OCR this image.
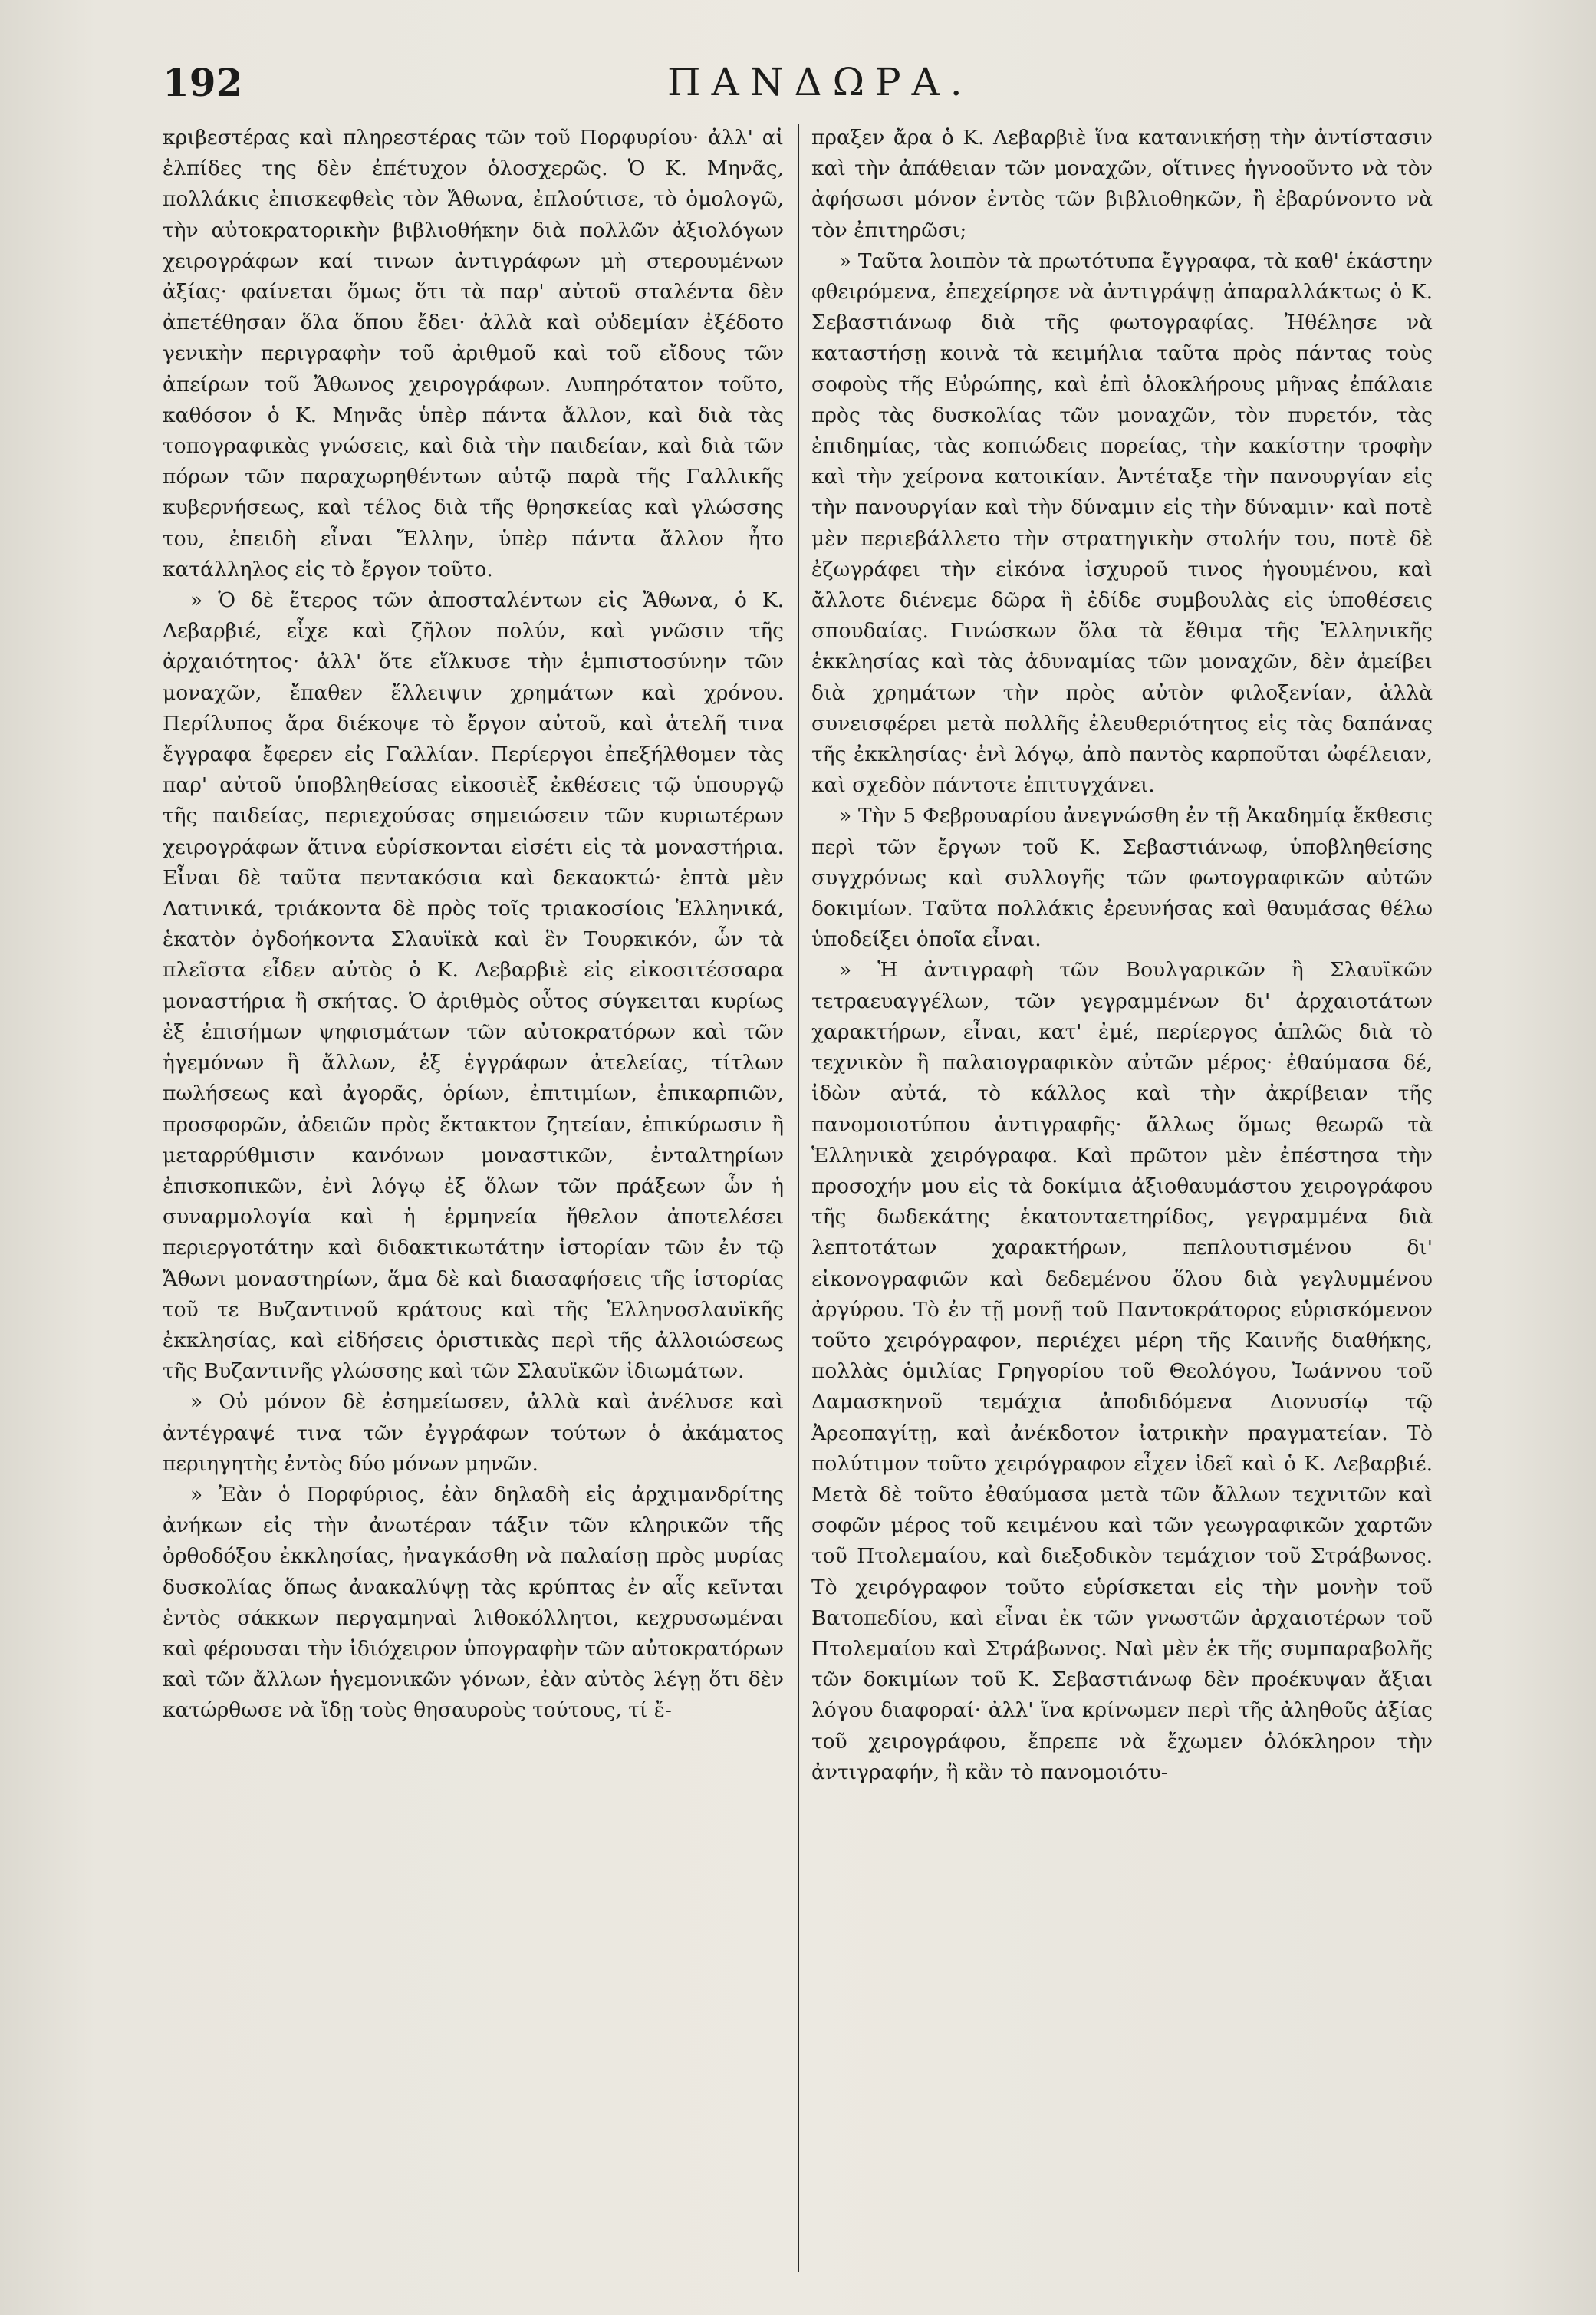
192	ΠΑΝΔΩΡΑ.

κριβεστέρας καὶ πληρεστέρας τῶν τοῦ Πορφυρίου· ἀλλ' αἱ ἐλπίδες της δὲν ἐπέτυχον ὁλοσχερῶς. Ὁ Κ. Μηνᾶς, πολλάκις ἐπισκεφθεὶς τὸν Ἄθωνα, ἐπλούτισε, τὸ ὁμολογῶ, τὴν αὐτοκρατορικὴν βιβλιοθήκην διὰ πολλῶν ἀξιολόγων χειρογράφων καί τινων ἀντιγράφων μὴ στερουμένων ἀξίας· φαίνεται ὅμως ὅτι τὰ παρ' αὐτοῦ σταλέντα δὲν ἀπετέθησαν ὅλα ὅπου ἔδει· ἀλλὰ καὶ οὐδεμίαν ἐξέδοτο γενικὴν περιγραφὴν τοῦ ἀριθμοῦ καὶ τοῦ εἴδους τῶν ἀπείρων τοῦ Ἄθωνος χειρογράφων. Λυπηρότατον τοῦτο, καθόσον ὁ Κ. Μηνᾶς ὑπὲρ πάντα ἄλλον, καὶ διὰ τὰς τοπογραφικὰς γνώσεις, καὶ διὰ τὴν παιδείαν, καὶ διὰ τῶν πόρων τῶν παραχωρηθέντων αὐτῷ παρὰ τῆς Γαλλικῆς κυβερνήσεως, καὶ τέλος διὰ τῆς θρησκείας καὶ γλώσσης του, ἐπειδὴ εἶναι Ἕλλην, ὑπὲρ πάντα ἄλλον ἦτο κατάλληλος εἰς τὸ ἔργον τοῦτο.

» Ὁ δὲ ἕτερος τῶν ἀποσταλέντων εἰς Ἄθωνα, ὁ Κ. Λεβαρβιέ, εἶχε καὶ ζῆλον πολύν, καὶ γνῶσιν τῆς ἀρχαιότητος· ἀλλ' ὅτε εἵλκυσε τὴν ἐμπιστοσύνην τῶν μοναχῶν, ἔπαθεν ἔλλειψιν χρημάτων καὶ χρόνου. Περίλυπος ἄρα διέκοψε τὸ ἔργον αὐτοῦ, καὶ ἀτελῆ τινα ἔγγραφα ἔφερεν εἰς Γαλλίαν. Περίεργοι ἐπεξήλθομεν τὰς παρ' αὐτοῦ ὑποβληθείσας εἰκοσιὲξ ἐκθέσεις τῷ ὑπουργῷ τῆς παιδείας, περιεχούσας σημειώσειν τῶν κυριωτέρων χειρογράφων ἅτινα εὑρίσκονται εἰσέτι εἰς τὰ μοναστήρια. Εἶναι δὲ ταῦτα πεντακόσια καὶ δεκαοκτώ· ἑπτὰ μὲν Λατινικά, τριάκοντα δὲ πρὸς τοῖς τριακοσίοις Ἑλληνικά, ἑκατὸν ὀγδοήκοντα Σλαυϊκὰ καὶ ἓν Τουρκικόν, ὧν τὰ πλεῖστα εἶδεν αὐτὸς ὁ Κ. Λεβαρβιὲ εἰς εἰκοσιτέσσαρα μοναστήρια ἢ σκήτας. Ὁ ἀριθμὸς οὗτος σύγκειται κυρίως ἐξ ἐπισήμων ψηφισμάτων τῶν αὐτοκρατόρων καὶ τῶν ἡγεμόνων ἢ ἄλλων, ἐξ ἐγγράφων ἀτελείας, τίτλων πωλήσεως καὶ ἀγορᾶς, ὁρίων, ἐπιτιμίων, ἐπικαρπιῶν, προσφορῶν, ἀδειῶν πρὸς ἔκτακτον ζητείαν, ἐπικύρωσιν ἢ μεταρρύθμισιν κανόνων μοναστικῶν, ἐνταλτηρίων ἐπισκοπικῶν, ἐνὶ λόγῳ ἐξ ὅλων τῶν πράξεων ὧν ἡ συναρμολογία καὶ ἡ ἑρμηνεία ἤθελον ἀποτελέσει περιεργοτάτην καὶ διδακτικωτάτην ἱστορίαν τῶν ἐν τῷ Ἄθωνι μοναστηρίων, ἅμα δὲ καὶ διασαφήσεις τῆς ἱστορίας τοῦ τε Βυζαντινοῦ κράτους καὶ τῆς Ἑλληνοσλαυϊκῆς ἐκκλησίας, καὶ εἰδήσεις ὁριστικὰς περὶ τῆς ἀλλοιώσεως τῆς Βυζαντινῆς γλώσσης καὶ τῶν Σλαυϊκῶν ἰδιωμάτων.

» Οὐ μόνον δὲ ἐσημείωσεν, ἀλλὰ καὶ ἀνέλυσε καὶ ἀντέγραψέ τινα τῶν ἐγγράφων τούτων ὁ ἀκάματος περιηγητὴς ἐντὸς δύο μόνων μηνῶν.

» Ἐὰν ὁ Πορφύριος, ἐὰν δηλαδὴ εἰς ἀρχιμανδρίτης ἀνήκων εἰς τὴν ἀνωτέραν τάξιν τῶν κληρικῶν τῆς ὀρθοδόξου ἐκκλησίας, ἠναγκάσθη νὰ παλαίσῃ πρὸς μυρίας δυσκολίας ὅπως ἀνακαλύψῃ τὰς κρύπτας ἐν αἷς κεῖνται ἐντὸς σάκκων περγαμηναὶ λιθοκόλλητοι, κεχρυσωμέναι καὶ φέρουσαι τὴν ἰδιόχειρον ὑπογραφὴν τῶν αὐτοκρατόρων καὶ τῶν ἄλλων ἡγεμονικῶν γόνων, ἐὰν αὐτὸς λέγῃ ὅτι δὲν κατώρθωσε νὰ ἴδῃ τοὺς θησαυροὺς τούτους, τί ἔ-

πραξεν ἄρα ὁ Κ. Λεβαρβιὲ ἵνα κατανικήσῃ τὴν ἀντίστασιν καὶ τὴν ἀπάθειαν τῶν μοναχῶν, οἵτινες ἠγνοοῦντο νὰ τὸν ἀφήσωσι μόνον ἐντὸς τῶν βιβλιοθηκῶν, ἢ ἐβαρύνοντο νὰ τὸν ἐπιτηρῶσι;

» Ταῦτα λοιπὸν τὰ πρωτότυπα ἔγγραφα, τὰ καθ' ἑκάστην φθειρόμενα, ἐπεχείρησε νὰ ἀντιγράψῃ ἀπαραλλάκτως ὁ Κ. Σεβαστιάνωφ διὰ τῆς φωτογραφίας. Ἠθέλησε νὰ καταστήσῃ κοινὰ τὰ κειμήλια ταῦτα πρὸς πάντας τοὺς σοφοὺς τῆς Εὐρώπης, καὶ ἐπὶ ὁλοκλήρους μῆνας ἐπάλαιε πρὸς τὰς δυσκολίας τῶν μοναχῶν, τὸν πυρετόν, τὰς ἐπιδημίας, τὰς κοπιώδεις πορείας, τὴν κακίστην τροφὴν καὶ τὴν χείρονα κατοικίαν. Ἀντέταξε τὴν πανουργίαν εἰς τὴν πανουργίαν καὶ τὴν δύναμιν εἰς τὴν δύναμιν· καὶ ποτὲ μὲν περιεβάλλετο τὴν στρατηγικὴν στολήν του, ποτὲ δὲ ἐζωγράφει τὴν εἰκόνα ἰσχυροῦ τινος ἡγουμένου, καὶ ἄλλοτε διένεμε δῶρα ἢ ἐδίδε συμβουλὰς εἰς ὑποθέσεις σπουδαίας. Γινώσκων ὅλα τὰ ἔθιμα τῆς Ἑλληνικῆς ἐκκλησίας καὶ τὰς ἀδυναμίας τῶν μοναχῶν, δὲν ἀμείβει διὰ χρημάτων τὴν πρὸς αὐτὸν φιλοξενίαν, ἀλλὰ συνεισφέρει μετὰ πολλῆς ἐλευθεριότητος εἰς τὰς δαπάνας τῆς ἐκκλησίας· ἐνὶ λόγῳ, ἀπὸ παντὸς καρποῦται ὠφέλειαν, καὶ σχεδὸν πάντοτε ἐπιτυγχάνει.

» Τὴν 5 Φεβρουαρίου ἀνεγνώσθη ἐν τῇ Ἀκαδημίᾳ ἔκθεσις περὶ τῶν ἔργων τοῦ Κ. Σεβαστιάνωφ, ὑποβληθείσης συγχρόνως καὶ συλλογῆς τῶν φωτογραφικῶν αὐτῶν δοκιμίων. Ταῦτα πολλάκις ἐρευνήσας καὶ θαυμάσας θέλω ὑποδείξει ὁποῖα εἶναι.

» Ἡ ἀντιγραφὴ τῶν Βουλγαρικῶν ἢ Σλαυϊκῶν τετραευαγγέλων, τῶν γεγραμμένων δι' ἀρχαιοτάτων χαρακτήρων, εἶναι, κατ' ἐμέ, περίεργος ἁπλῶς διὰ τὸ τεχνικὸν ἢ παλαιογραφικὸν αὐτῶν μέρος· ἐθαύμασα δέ, ἰδὼν αὐτά, τὸ κάλλος καὶ τὴν ἀκρίβειαν τῆς πανομοιοτύπου ἀντιγραφῆς· ἄλλως ὅμως θεωρῶ τὰ Ἑλληνικὰ χειρόγραφα. Καὶ πρῶτον μὲν ἐπέστησα τὴν προσοχήν μου εἰς τὰ δοκίμια ἀξιοθαυμάστου χειρογράφου τῆς δωδεκάτης ἑκατονταετηρίδος, γεγραμμένα διὰ λεπτοτάτων χαρακτήρων, πεπλουτισμένου δι' εἰκονογραφιῶν καὶ δεδεμένου ὅλου διὰ γεγλυμμένου ἀργύρου. Τὸ ἐν τῇ μονῇ τοῦ Παντοκράτορος εὑρισκόμενον τοῦτο χειρόγραφον, περιέχει μέρη τῆς Καινῆς διαθήκης, πολλὰς ὁμιλίας Γρηγορίου τοῦ Θεολόγου, Ἰωάννου τοῦ Δαμασκηνοῦ τεμάχια ἀποδιδόμενα Διονυσίῳ τῷ Ἀρεοπαγίτῃ, καὶ ἀνέκδοτον ἰατρικὴν πραγματείαν. Τὸ πολύτιμον τοῦτο χειρόγραφον εἶχεν ἰδεῖ καὶ ὁ Κ. Λεβαρβιέ. Μετὰ δὲ τοῦτο ἐθαύμασα μετὰ τῶν ἄλλων τεχνιτῶν καὶ σοφῶν μέρος τοῦ κειμένου καὶ τῶν γεωγραφικῶν χαρτῶν τοῦ Πτολεμαίου, καὶ διεξοδικὸν τεμάχιον τοῦ Στράβωνος. Τὸ χειρόγραφον τοῦτο εὑρίσκεται εἰς τὴν μονὴν τοῦ Βατοπεδίου, καὶ εἶναι ἐκ τῶν γνωστῶν ἀρχαιοτέρων τοῦ Πτολεμαίου καὶ Στράβωνος. Ναὶ μὲν ἐκ τῆς συμπαραβολῆς τῶν δοκιμίων τοῦ Κ. Σεβαστιάνωφ δὲν προέκυψαν ἄξιαι λόγου διαφοραί· ἀλλ' ἵνα κρίνωμεν περὶ τῆς ἀληθοῦς ἀξίας τοῦ χειρογράφου, ἔπρεπε νὰ ἔχωμεν ὁλόκληρον τὴν ἀντιγραφήν, ἢ κἂν τὸ πανομοιότυ-
